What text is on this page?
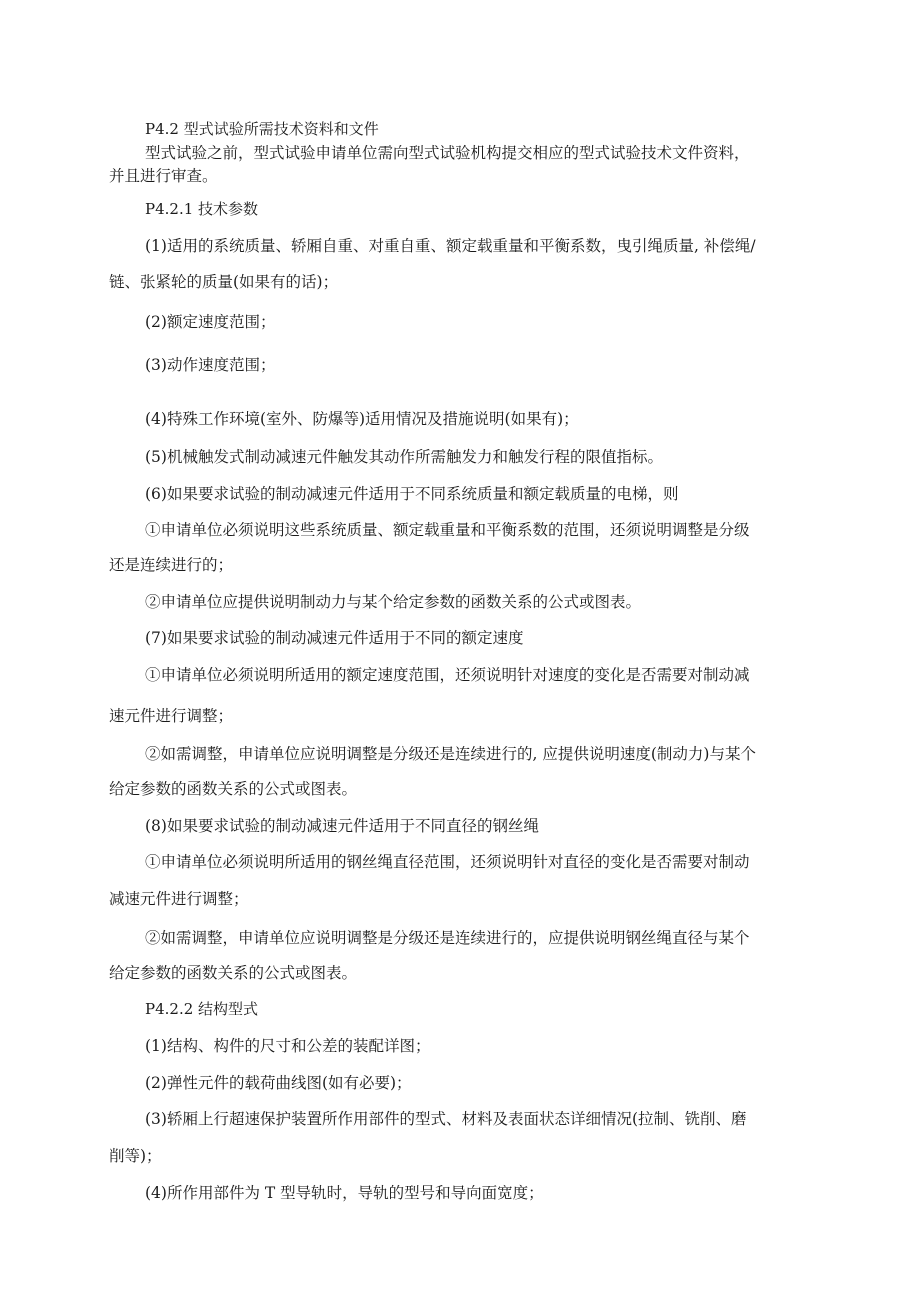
P4.2 型式试验所需技术资料和文件
型式试验之前，型式试验申请单位需向型式试验机构提交相应的型式试验技术文件资料，
并且进行审查。
P4.2.1 技术参数
(1)适用的系统质量、轿厢自重、对重自重、额定载重量和平衡系数，曳引绳质量, 补偿绳/
链、张紧轮的质量(如果有的话)；
(2)额定速度范围；
(3)动作速度范围；
(4)特殊工作环境(室外、防爆等)适用情况及措施说明(如果有)；
(5)机械触发式制动减速元件触发其动作所需触发力和触发行程的限值指标。
(6)如果要求试验的制动减速元件适用于不同系统质量和额定载质量的电梯，则
①申请单位必须说明这些系统质量、额定载重量和平衡系数的范围，还须说明调整是分级
还是连续进行的；
②申请单位应提供说明制动力与某个给定参数的函数关系的公式或图表。
(7)如果要求试验的制动减速元件适用于不同的额定速度
①申请单位必须说明所适用的额定速度范围，还须说明针对速度的变化是否需要对制动减
速元件进行调整；
②如需调整，申请单位应说明调整是分级还是连续进行的, 应提供说明速度(制动力)与某个
给定参数的函数关系的公式或图表。
(8)如果要求试验的制动减速元件适用于不同直径的钢丝绳
①申请单位必须说明所适用的钢丝绳直径范围，还须说明针对直径的变化是否需要对制动
减速元件进行调整；
②如需调整，申请单位应说明调整是分级还是连续进行的，应提供说明钢丝绳直径与某个
给定参数的函数关系的公式或图表。
P4.2.2 结构型式
(1)结构、构件的尺寸和公差的装配详图；
(2)弹性元件的载荷曲线图(如有必要)；
(3)轿厢上行超速保护装置所作用部件的型式、材料及表面状态详细情况(拉制、铣削、磨
削等)；
(4)所作用部件为 T 型导轨时，导轨的型号和导向面宽度；
